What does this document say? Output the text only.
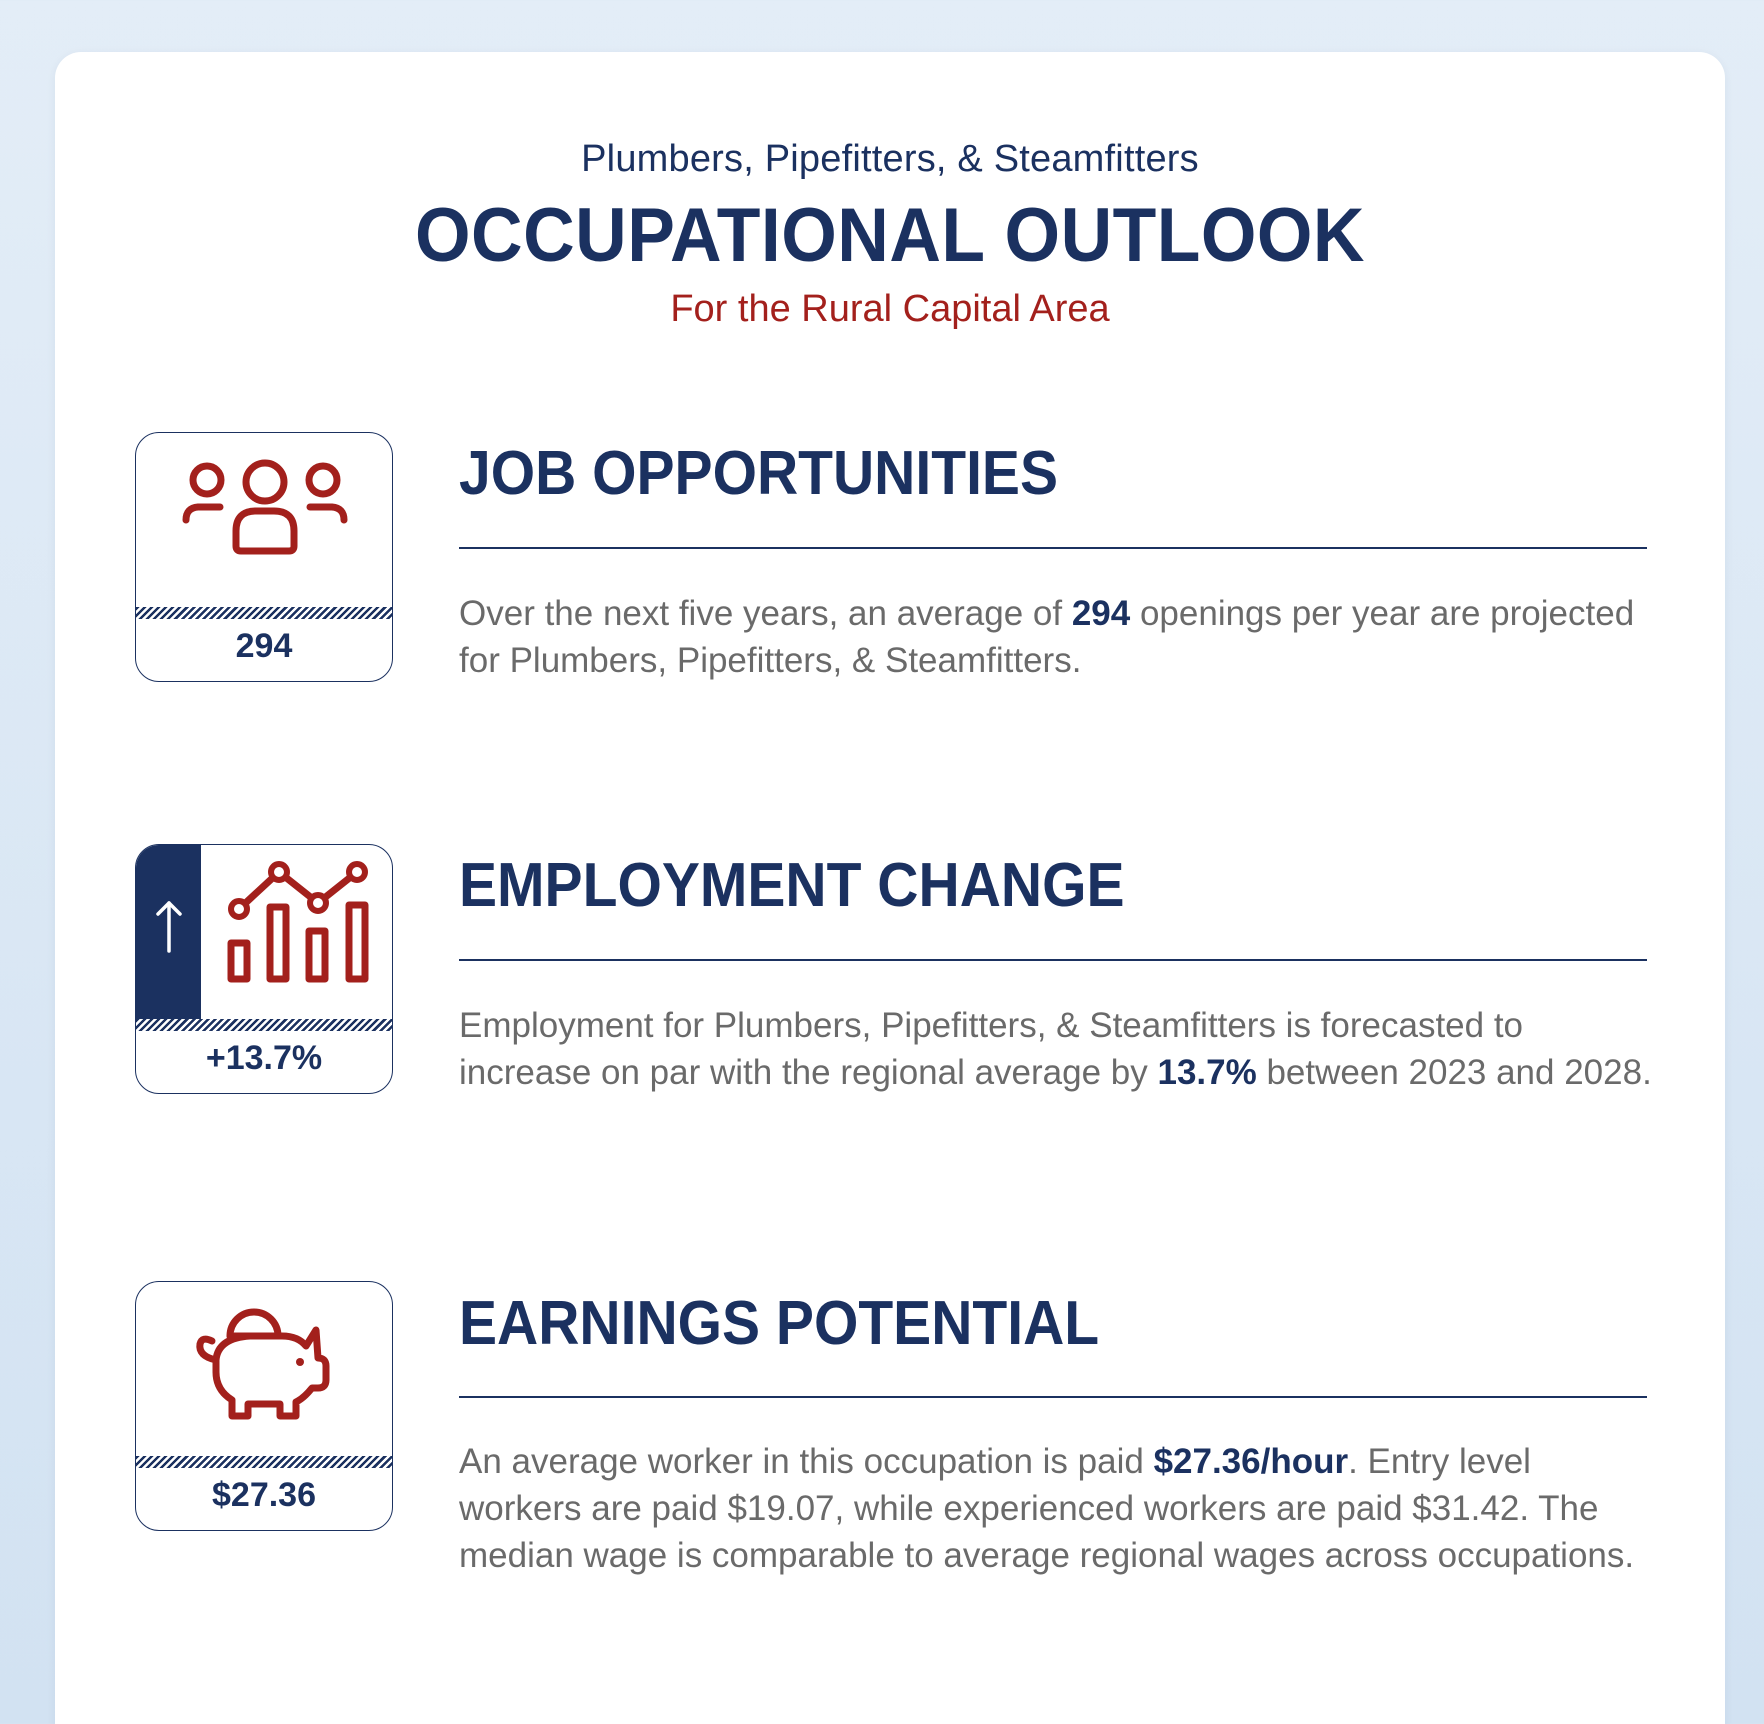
Plumbers, Pipefitters, & Steamfitters
OCCUPATIONAL OUTLOOK
For the Rural Capital Area
294
JOB OPPORTUNITIES
Over the next five years, an average of 294 openings per year are projected for Plumbers, Pipefitters, & Steamfitters.
+13.7%
EMPLOYMENT CHANGE
Employment for Plumbers, Pipefitters, & Steamfitters is forecasted to increase on par with the regional average by 13.7% between 2023 and 2028.
$27.36
EARNINGS POTENTIAL
An average worker in this occupation is paid $27.36/hour. Entry level workers are paid $19.07, while experienced workers are paid $31.42. The median wage is comparable to average regional wages across occupations.
